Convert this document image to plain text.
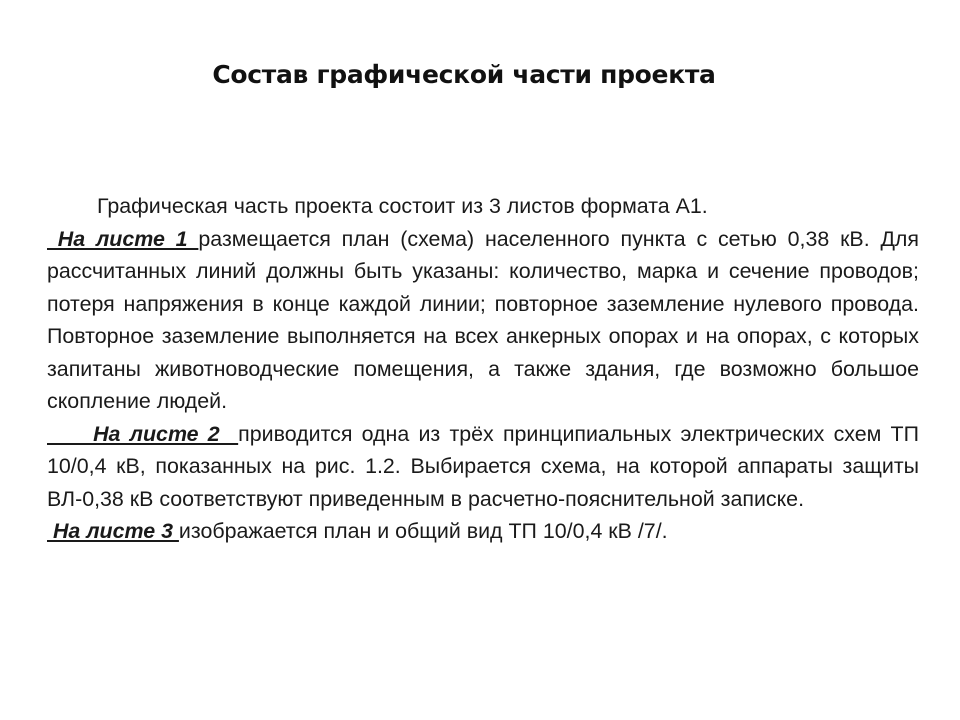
Состав графической части проекта

Графическая часть проекта состоит из 3 листов формата А1.

На листе 1 размещается план (схема) населенного пункта с сетью 0,38 кВ. Для рассчитанных линий должны быть указаны: количество, марка и сечение проводов; потеря напряжения в конце каждой линии; повторное заземление нулевого провода. Повторное заземление выполняется на всех анкерных опорах и на опорах, с которых запитаны животноводческие помещения, а также здания, где возможно большое скопление людей.

На листе 2  приводится одна из трёх принципиальных электрических схем ТП 10/0,4 кВ, показанных на рис. 1.2. Выбирается схема, на которой аппараты защиты ВЛ-0,38 кВ соответствуют приведенным в расчетно-пояснительной записке.

На листе 3 изображается план и общий вид ТП 10/0,4 кВ /7/.
